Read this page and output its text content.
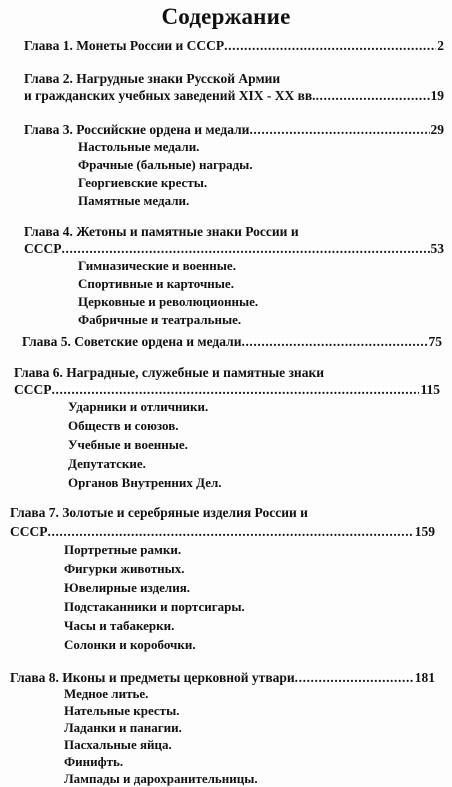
Содержание
Глава 1. Монеты России и СССР .....	2
Глава 2. Нагрудные знаки Русской Армии
и гражданских учебных заведений XIX - XX вв. .....	19
Глава 3. Российские ордена и медали .....	29
Настольные медали.
Фрачные (бальные) награды.
Георгиевские кресты.
Памятные медали.
Глава 4. Жетоны и памятные знаки России и
СССР .....	53
Гимназические и военные.
Спортивные и карточные.
Церковные и революционные.
Фабричные и театральные.
Глава 5. Советские ордена и медали .....	75
Глава 6. Наградные, служебные и памятные знаки
СССР .....	115
Ударники и отличники.
Обществ и союзов.
Учебные и военные.
Депутатские.
Органов Внутренних Дел.
Глава 7. Золотые и серебряные изделия России и
СССР .....	159
Портретные рамки.
Фигурки животных.
Ювелирные изделия.
Подстаканники и портсигары.
Часы и табакерки.
Солонки и коробочки.
Глава 8. Иконы и предметы церковной утвари .....	181
Медное литье.
Нательные кресты.
Ладанки и панагии.
Пасхальные яйца.
Финифть.
Лампады и дарохранительницы.
